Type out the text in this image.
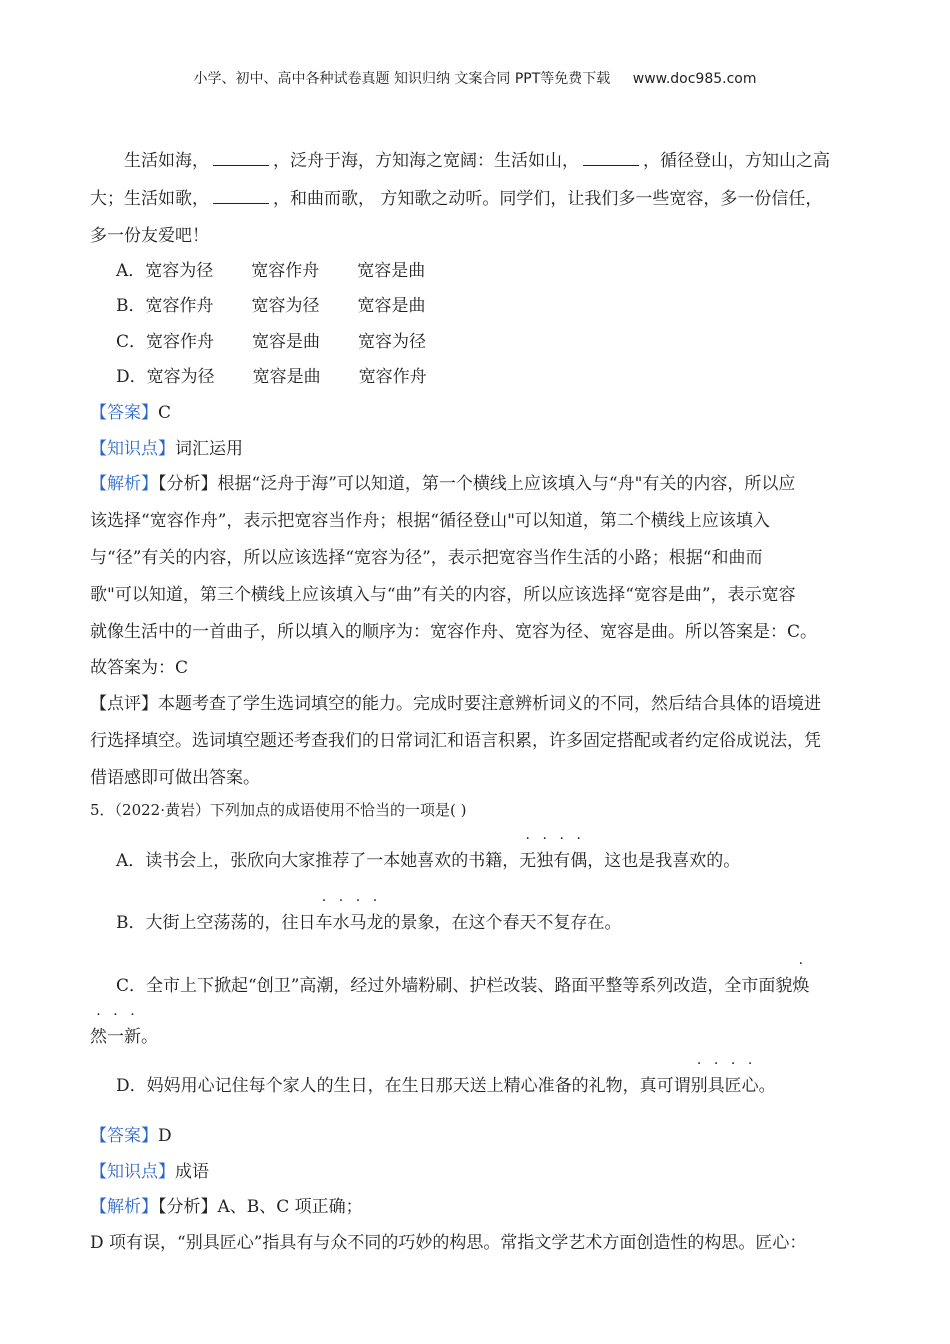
小学、初中、高中各种试卷真题 知识归纳 文案合同 PPT等免费下载 www.doc985.com
生活如海，	，泛舟于海，方知海之宽阔：生活如山，	，循径登山，方知山之高
大；生活如歌，	，和曲而歌， 方知歌之动听。同学们，让我们多一些宽容，多一份信任，
多一份友爱吧！
A．宽容为径 宽容作舟 宽容是曲
B．宽容作舟 宽容为径 宽容是曲
C．宽容作舟 宽容是曲 宽容为径
D．宽容为径 宽容是曲 宽容作舟
【答案】C
【知识点】词汇运用
【解析】【分析】根据“泛舟于海”可以知道，第一个横线上应该填入与“舟"有关的内容，所以应
该选择“宽容作舟”，表示把宽容当作舟；根据“循径登山"可以知道，第二个横线上应该填入
与“径”有关的内容，所以应该选择“宽容为径”，表示把宽容当作生活的小路；根据“和曲而
歌"可以知道，第三个横线上应该填入与“曲”有关的内容，所以应该选择“宽容是曲”，表示宽容
就像生活中的一首曲子，所以填入的顺序为：宽容作舟、宽容为径、宽容是曲。所以答案是：C。
故答案为：C
【点评】本题考查了学生选词填空的能力。完成时要注意辨析词义的不同，然后结合具体的语境进
行选择填空。选词填空题还考查我们的日常词汇和语言积累，许多固定搭配或者约定俗成说法，凭
借语感即可做出答案。
5．（2022·黄岩）下列加点的成语使用不恰当的一项是( )
A．读书会上，张欣向大家推荐了一本她喜欢的书籍，无独有偶，这也是我喜欢的。
B．大街上空荡荡的，往日车水马龙的景象，在这个春天不复存在。
C．全市上下掀起“创卫”高潮，经过外墙粉刷、护栏改装、路面平整等系列改造，全市面貌焕
然一新。
D．妈妈用心记住每个家人的生日，在生日那天送上精心准备的礼物，真可谓别具匠心。
【答案】D
【知识点】成语
【解析】【分析】A、B、C 项正确；
D 项有误，“别具匠心”指具有与众不同的巧妙的构思。常指文学艺术方面创造性的构思。匠心：
